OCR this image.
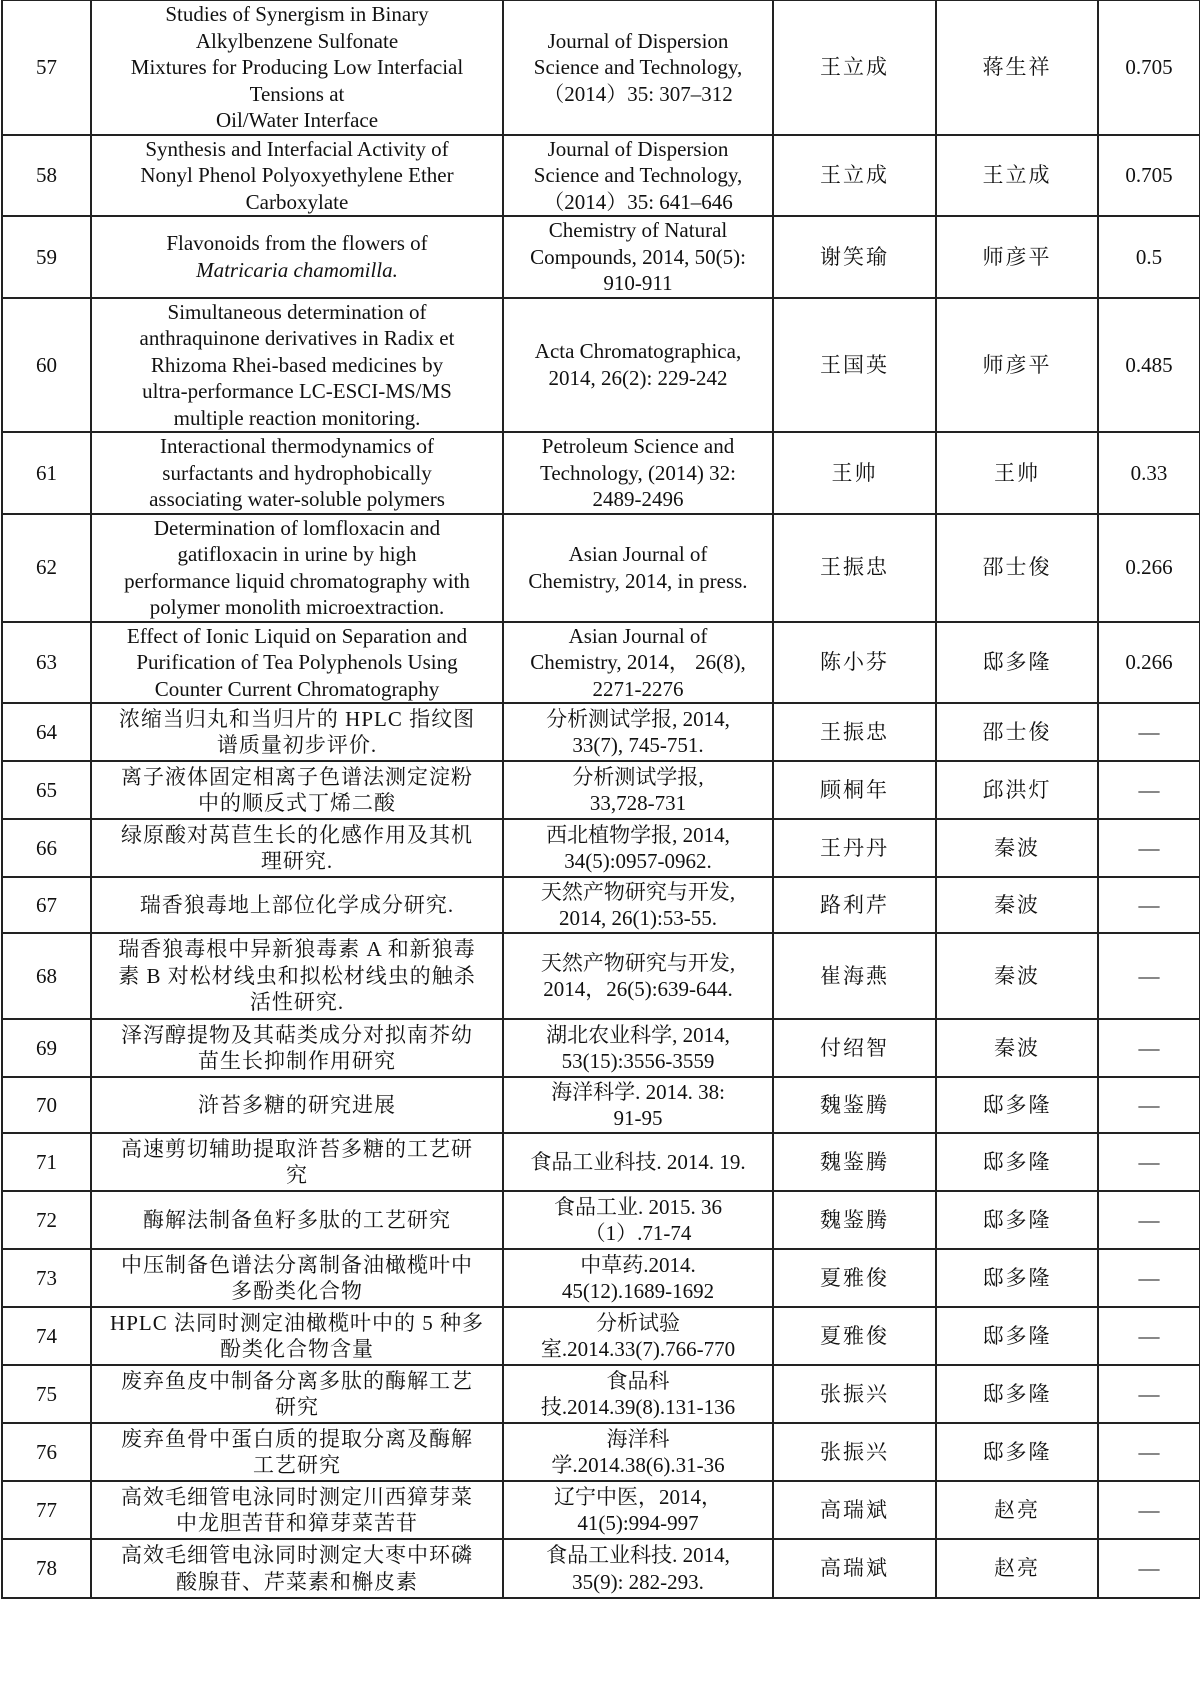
57	Studies of Synergism in Binary
Alkylbenzene Sulfonate
Mixtures for Producing Low Interfacial
Tensions at
Oil/Water Interface	Journal of Dispersion
Science and Technology,
（2014）35: 307–312	王立成	蒋生祥	0.705
58	Synthesis and Interfacial Activity of
Nonyl Phenol Polyoxyethylene Ether
Carboxylate	Journal of Dispersion
Science and Technology,
（2014）35: 641–646	王立成	王立成	0.705
59	Flavonoids from the flowers of
Matricaria chamomilla.	Chemistry of Natural
Compounds, 2014, 50(5):
910-911	谢笑瑜	师彦平	0.5
60	Simultaneous determination of
anthraquinone derivatives in Radix et
Rhizoma Rhei-based medicines by
ultra-performance LC-ESCI-MS/MS
multiple reaction monitoring.	Acta Chromatographica,
2014, 26(2): 229-242	王国英	师彦平	0.485
61	Interactional thermodynamics of
surfactants and hydrophobically
associating water-soluble polymers	Petroleum Science and
Technology, (2014) 32:
2489-2496	王帅	王帅	0.33
62	Determination of lomfloxacin and
gatifloxacin in urine by high
performance liquid chromatography with
polymer monolith microextraction.	Asian Journal of
Chemistry, 2014, in press.	王振忠	邵士俊	0.266
63	Effect of Ionic Liquid on Separation and
Purification of Tea Polyphenols Using
Counter Current Chromatography	Asian Journal of
Chemistry, 2014， 26(8),
2271-2276	陈小芬	邸多隆	0.266
64	浓缩当归丸和当归片的 HPLC 指纹图
谱质量初步评价.	分析测试学报, 2014,
33(7), 745-751.	王振忠	邵士俊	—
65	离子液体固定相离子色谱法测定淀粉
中的顺反式丁烯二酸	分析测试学报,
33,728-731	顾桐年	邱洪灯	—
66	绿原酸对莴苣生长的化感作用及其机
理研究.	西北植物学报, 2014,
34(5):0957-0962.	王丹丹	秦波	—
67	瑞香狼毒地上部位化学成分研究.	天然产物研究与开发,
2014, 26(1):53-55.	路利芹	秦波	—
68	瑞香狼毒根中异新狼毒素 A 和新狼毒
素 B 对松材线虫和拟松材线虫的触杀
活性研究.	天然产物研究与开发,
2014，26(5):639-644.	崔海燕	秦波	—
69	泽泻醇提物及其萜类成分对拟南芥幼
苗生长抑制作用研究	湖北农业科学, 2014,
53(15):3556-3559	付绍智	秦波	—
70	浒苔多糖的研究进展	海洋科学. 2014. 38:
91-95	魏鉴腾	邸多隆	—
71	高速剪切辅助提取浒苔多糖的工艺研
究	食品工业科技. 2014. 19.	魏鉴腾	邸多隆	—
72	酶解法制备鱼籽多肽的工艺研究	食品工业. 2015. 36
（1）.71-74	魏鉴腾	邸多隆	—
73	中压制备色谱法分离制备油橄榄叶中
多酚类化合物	中草药.2014.
45(12).1689-1692	夏雅俊	邸多隆	—
74	HPLC 法同时测定油橄榄叶中的 5 种多
酚类化合物含量	分析试验
室.2014.33(7).766-770	夏雅俊	邸多隆	—
75	废弃鱼皮中制备分离多肽的酶解工艺
研究	食品科
技.2014.39(8).131-136	张振兴	邸多隆	—
76	废弃鱼骨中蛋白质的提取分离及酶解
工艺研究	海洋科
学.2014.38(6).31-36	张振兴	邸多隆	—
77	高效毛细管电泳同时测定川西獐芽菜
中龙胆苦苷和獐芽菜苦苷	辽宁中医，2014，
41(5):994-997	高瑞斌	赵亮	—
78	高效毛细管电泳同时测定大枣中环磷
酸腺苷、芹菜素和槲皮素	食品工业科技. 2014,
35(9): 282-293.	高瑞斌	赵亮	—
